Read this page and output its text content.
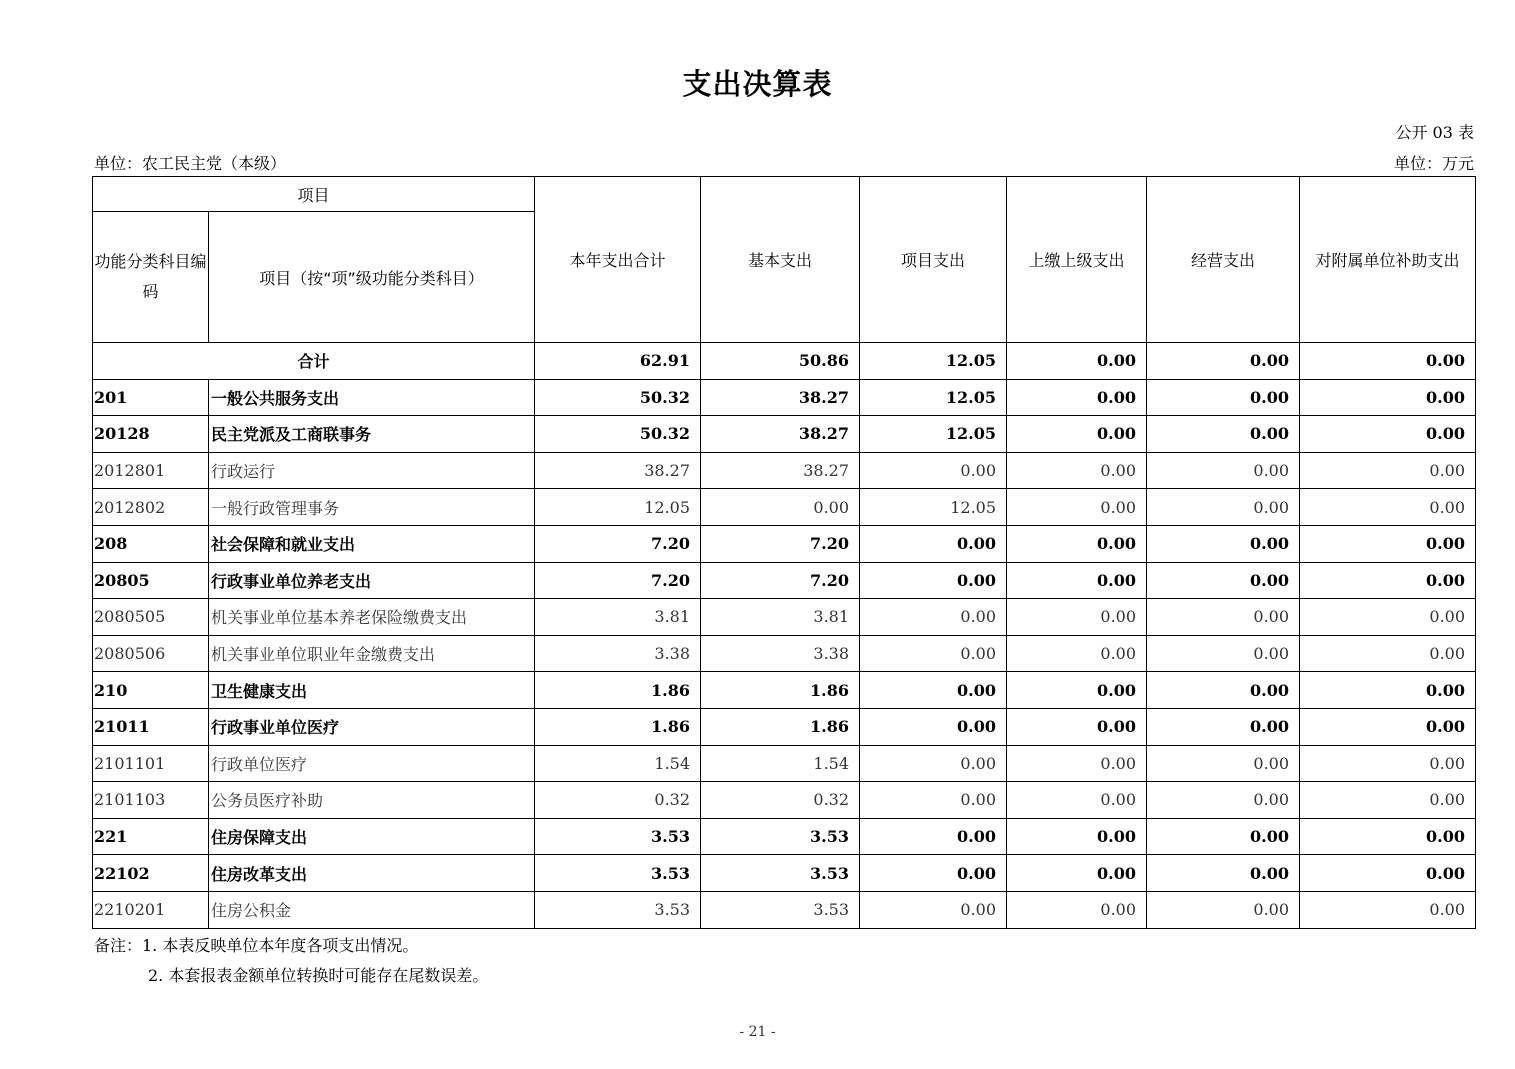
支出决算表
公开 03 表
单位：农工民主党（本级）	单位：万元
项目		本年支出合计	基本支出	项目支出	上缴上级支出	经营支出	对附属单位补助支出
功能分类科目编码	项目（按“项”级功能分类科目）						
合计		62.91	50.86	12.05	0.00	0.00	0.00
201	一般公共服务支出	50.32	38.27	12.05	0.00	0.00	0.00
20128	民主党派及工商联事务	50.32	38.27	12.05	0.00	0.00	0.00
2012801	行政运行	38.27	38.27	0.00	0.00	0.00	0.00
2012802	一般行政管理事务	12.05	0.00	12.05	0.00	0.00	0.00
208	社会保障和就业支出	7.20	7.20	0.00	0.00	0.00	0.00
20805	行政事业单位养老支出	7.20	7.20	0.00	0.00	0.00	0.00
2080505	机关事业单位基本养老保险缴费支出	3.81	3.81	0.00	0.00	0.00	0.00
2080506	机关事业单位职业年金缴费支出	3.38	3.38	0.00	0.00	0.00	0.00
210	卫生健康支出	1.86	1.86	0.00	0.00	0.00	0.00
21011	行政事业单位医疗	1.86	1.86	0.00	0.00	0.00	0.00
2101101	行政单位医疗	1.54	1.54	0.00	0.00	0.00	0.00
2101103	公务员医疗补助	0.32	0.32	0.00	0.00	0.00	0.00
221	住房保障支出	3.53	3.53	0.00	0.00	0.00	0.00
22102	住房改革支出	3.53	3.53	0.00	0.00	0.00	0.00
2210201	住房公积金	3.53	3.53	0.00	0.00	0.00	0.00
备注：1. 本表反映单位本年度各项支出情况。
2. 本套报表金额单位转换时可能存在尾数误差。
- 21 -
